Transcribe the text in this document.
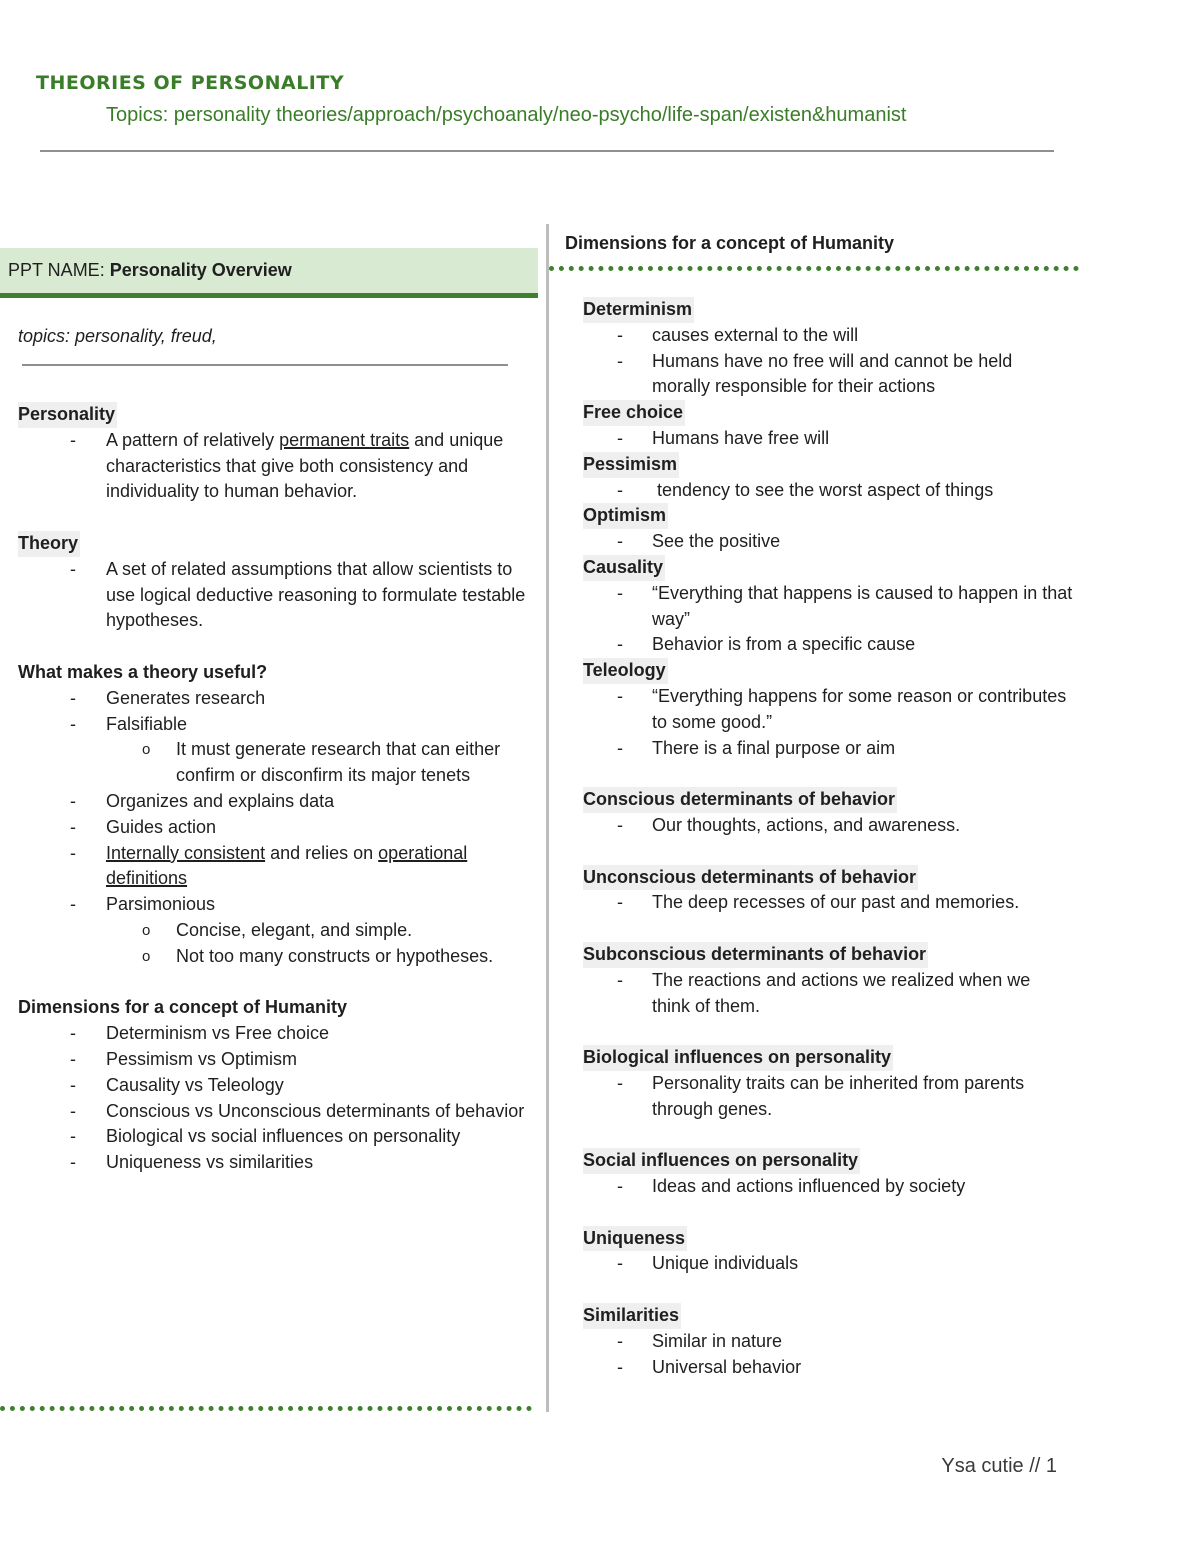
THEORIES OF PERSONALITY
Topics: personality theories/approach/psychoanaly/neo-psycho/life-span/existen&humanist
PPT NAME: Personality Overview
topics: personality, freud,
Personality
- A pattern of relatively permanent traits and unique characteristics that give both consistency and individuality to human behavior.
Theory
- A set of related assumptions that allow scientists to use logical deductive reasoning to formulate testable hypotheses.
What makes a theory useful?
- Generates research
- Falsifiable
o It must generate research that can either confirm or disconfirm its major tenets
- Organizes and explains data
- Guides action
- Internally consistent and relies on operational definitions
- Parsimonious
o Concise, elegant, and simple.
o Not too many constructs or hypotheses.
Dimensions for a concept of Humanity
- Determinism vs Free choice
- Pessimism vs Optimism
- Causality vs Teleology
- Conscious vs Unconscious determinants of behavior
- Biological vs social influences on personality
- Uniqueness vs similarities
Dimensions for a concept of Humanity
Determinism
- causes external to the will
- Humans have no free will and cannot be held morally responsible for their actions
Free choice
- Humans have free will
Pessimism
-  tendency to see the worst aspect of things
Optimism
- See the positive
Causality
- “Everything that happens is caused to happen in that way”
- Behavior is from a specific cause
Teleology
- “Everything happens for some reason or contributes to some good.”
- There is a final purpose or aim
Conscious determinants of behavior
- Our thoughts, actions, and awareness.
Unconscious determinants of behavior
- The deep recesses of our past and memories.
Subconscious determinants of behavior
- The reactions and actions we realized when we think of them.
Biological influences on personality
- Personality traits can be inherited from parents through genes.
Social influences on personality
- Ideas and actions influenced by society
Uniqueness
- Unique individuals
Similarities
- Similar in nature
- Universal behavior
Ysa cutie // 1
